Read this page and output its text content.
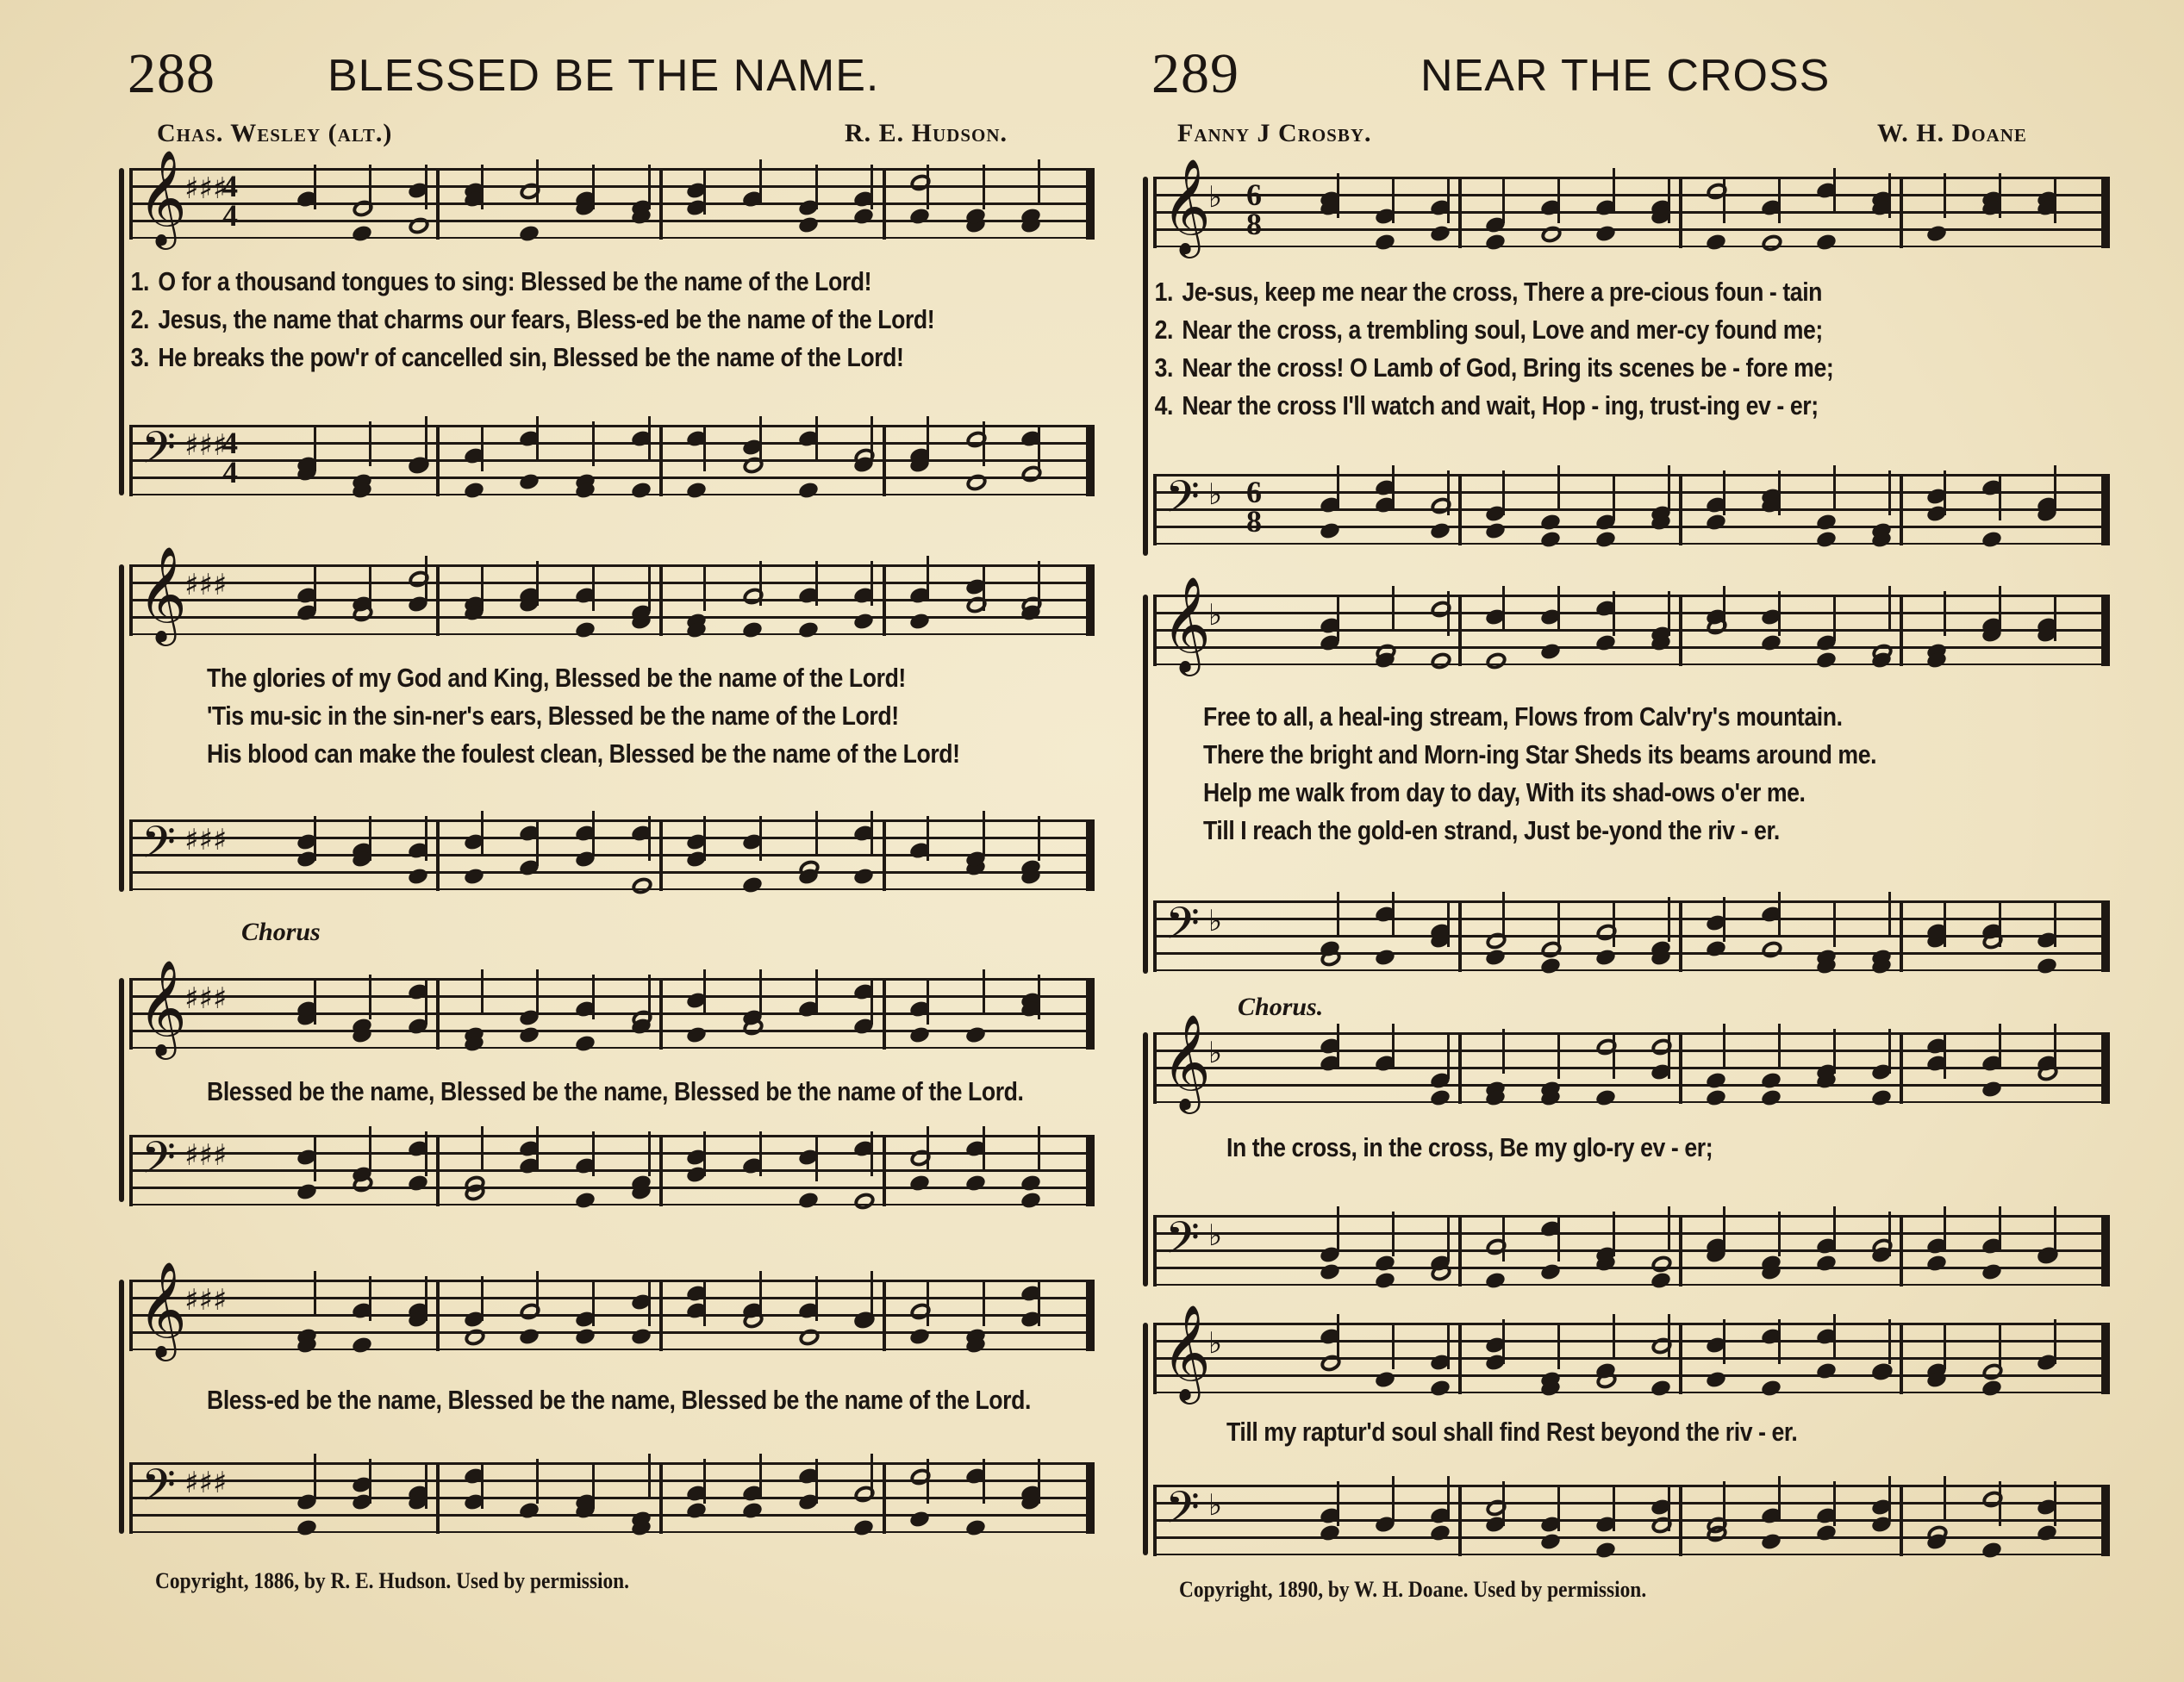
288	BLESSED BE THE NAME.
Chas. Wesley (alt.)	R. E. Hudson.
𝄞
♯♯♯
4
4
1. O for a thousand tongues to sing: Blessed be the name of the Lord!
2. Jesus, the name that charms our fears, Bless-ed be the name of the Lord!
3. He breaks the pow'r of cancelled sin, Blessed be the name of the Lord!
𝄢 ♯♯♯
4
4
𝄞
♯♯♯
The glories of my God and King, Blessed be the name of the Lord!
'Tis mu-sic in the sin-ner's ears, Blessed be the name of the Lord!
His blood can make the foulest clean, Blessed be the name of the Lord!
𝄢 ♯♯♯
Chorus
𝄞
♯♯♯
Blessed be the name, Blessed be the name, Blessed be the name of the Lord.
𝄢 ♯♯♯
𝄞
♯♯♯
Bless-ed be the name, Blessed be the name, Blessed be the name of the Lord.
𝄢 ♯♯♯
Copyright, 1886, by R. E. Hudson. Used by permission.
289	NEAR THE CROSS
Fanny J Crosby.	W. H. Doane
𝄞
♭ 6
8
1. Je-sus, keep me near the cross, There a pre-cious foun - tain
2. Near the cross, a trembling soul, Love and mer-cy found me;
3. Near the cross! O Lamb of God, Bring its scenes be - fore me;
4. Near the cross I'll watch and wait, Hop - ing, trust-ing ev - er;
𝄢 ♭ 6
8
𝄞
♭
Free to all, a heal-ing stream, Flows from Calv'ry's mountain.
There the bright and Morn-ing Star Sheds its beams around me.
Help me walk from day to day, With its shad-ows o'er me.
Till I reach the gold-en strand, Just be-yond the riv - er.
𝄢 ♭
Chorus.
𝄞
♭
In the cross, in the cross, Be my glo-ry ev - er;
𝄢 ♭
𝄞
♭
Till my raptur'd soul shall find Rest beyond the riv - er.
𝄢 ♭
Copyright, 1890, by W. H. Doane. Used by permission.
